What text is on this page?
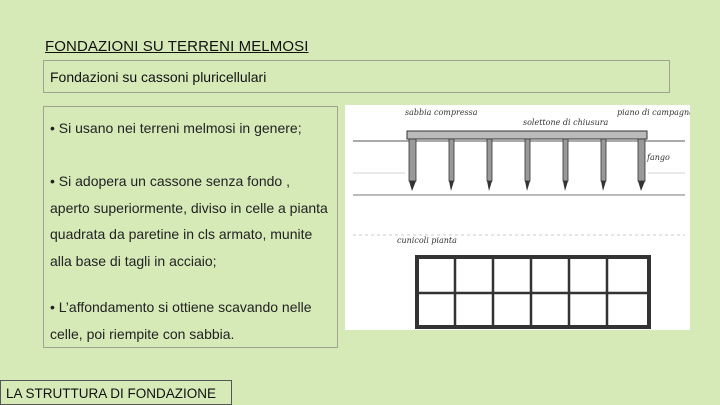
FONDAZIONI SU TERRENI MELMOSI
Fondazioni su cassoni pluricellulari
• Si usano nei terreni melmosi in genere;
• Si adopera un cassone senza fondo , aperto superiormente, diviso in celle a pianta quadrata da paretine in cls armato, munite alla base di tagli in acciaio;
• L’affondamento si ottiene scavando nelle celle, poi riempite con sabbia.
sabbia compressa
solettone di chiusura
piano di campagna
fango
cunicoli pianta
LA STRUTTURA DI FONDAZIONE
